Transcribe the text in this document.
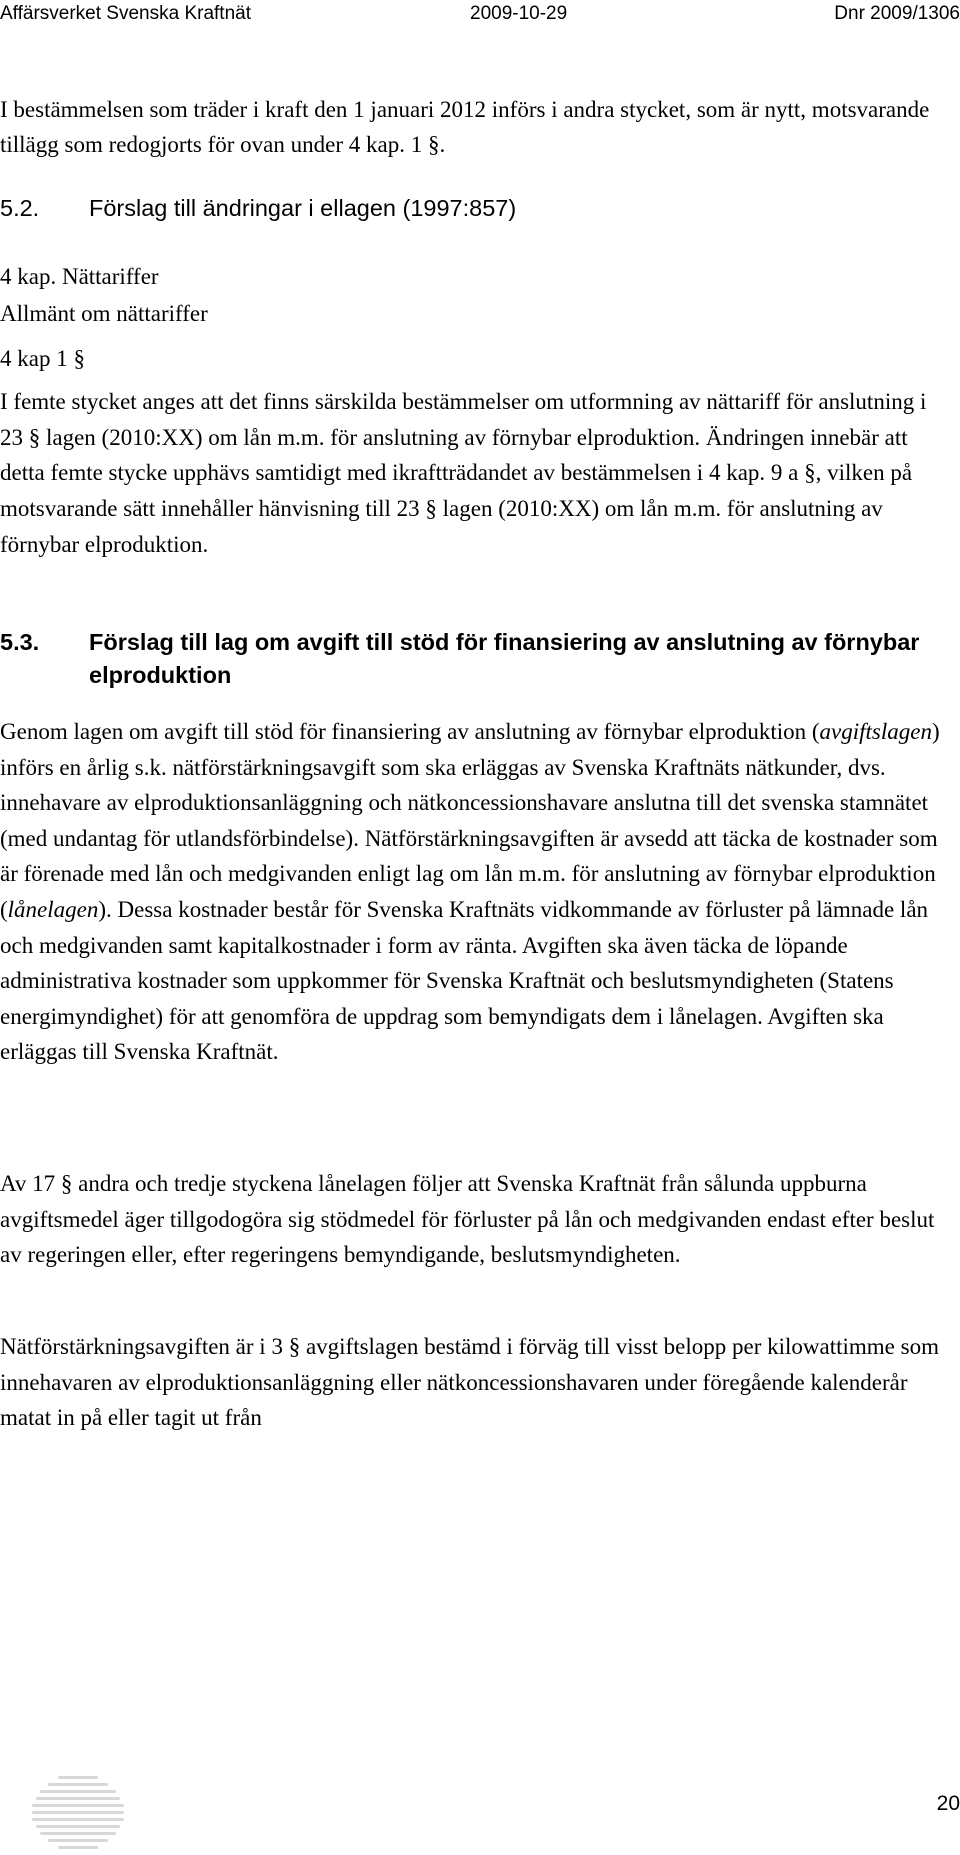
Affärsverket Svenska Kraftnät	2009-10-29	Dnr 2009/1306

I bestämmelsen som träder i kraft den 1 januari 2012 införs i andra stycket, som är nytt, motsvarande tillägg som redogjorts för ovan under 4 kap. 1 §.

5.2. Förslag till ändringar i ellagen (1997:857)
4 kap. Nättariffer
Allmänt om nättariffer
4 kap 1 §

I femte stycket anges att det finns särskilda bestämmelser om utformning av nättariff för anslutning i 23 § lagen (2010:XX) om lån m.m. för anslutning av förnybar elproduktion. Ändringen innebär att detta femte stycke upphävs samtidigt med ikraftträdandet av bestämmelsen i 4 kap. 9 a §, vilken på motsvarande sätt innehåller hänvisning till 23 § lagen (2010:XX) om lån m.m. för anslutning av förnybar elproduktion.

5.3. Förslag till lag om avgift till stöd för finansiering av anslutning av förnybar elproduktion

Genom lagen om avgift till stöd för finansiering av anslutning av förnybar elproduktion (avgiftslagen) införs en årlig s.k. nätförstärkningsavgift som ska erläggas av Svenska Kraftnäts nätkunder, dvs. innehavare av elproduktionsanläggning och nätkoncessionshavare anslutna till det svenska stamnätet (med undantag för utlandsförbindelse). Nätförstärkningsavgiften är avsedd att täcka de kostnader som är förenade med lån och medgivanden enligt lag om lån m.m. för anslutning av förnybar elproduktion (lånelagen). Dessa kostnader består för Svenska Kraftnäts vidkommande av förluster på lämnade lån och medgivanden samt kapitalkostnader i form av ränta. Avgiften ska även täcka de löpande administrativa kostnader som uppkommer för Svenska Kraftnät och beslutsmyndigheten (Statens energimyndighet) för att genomföra de uppdrag som bemyndigats dem i lånelagen. Avgiften ska erläggas till Svenska Kraftnät.

Av 17 § andra och tredje styckena lånelagen följer att Svenska Kraftnät från sålunda uppburna avgiftsmedel äger tillgodogöra sig stödmedel för förluster på lån och medgivanden endast efter beslut av regeringen eller, efter regeringens bemyndigande, beslutsmyndigheten.

Nätförstärkningsavgiften är i 3 § avgiftslagen bestämd i förväg till visst belopp per kilowattimme som innehavaren av elproduktionsanläggning eller nätkoncessionshavaren under föregående kalenderår matat in på eller tagit ut från

20
